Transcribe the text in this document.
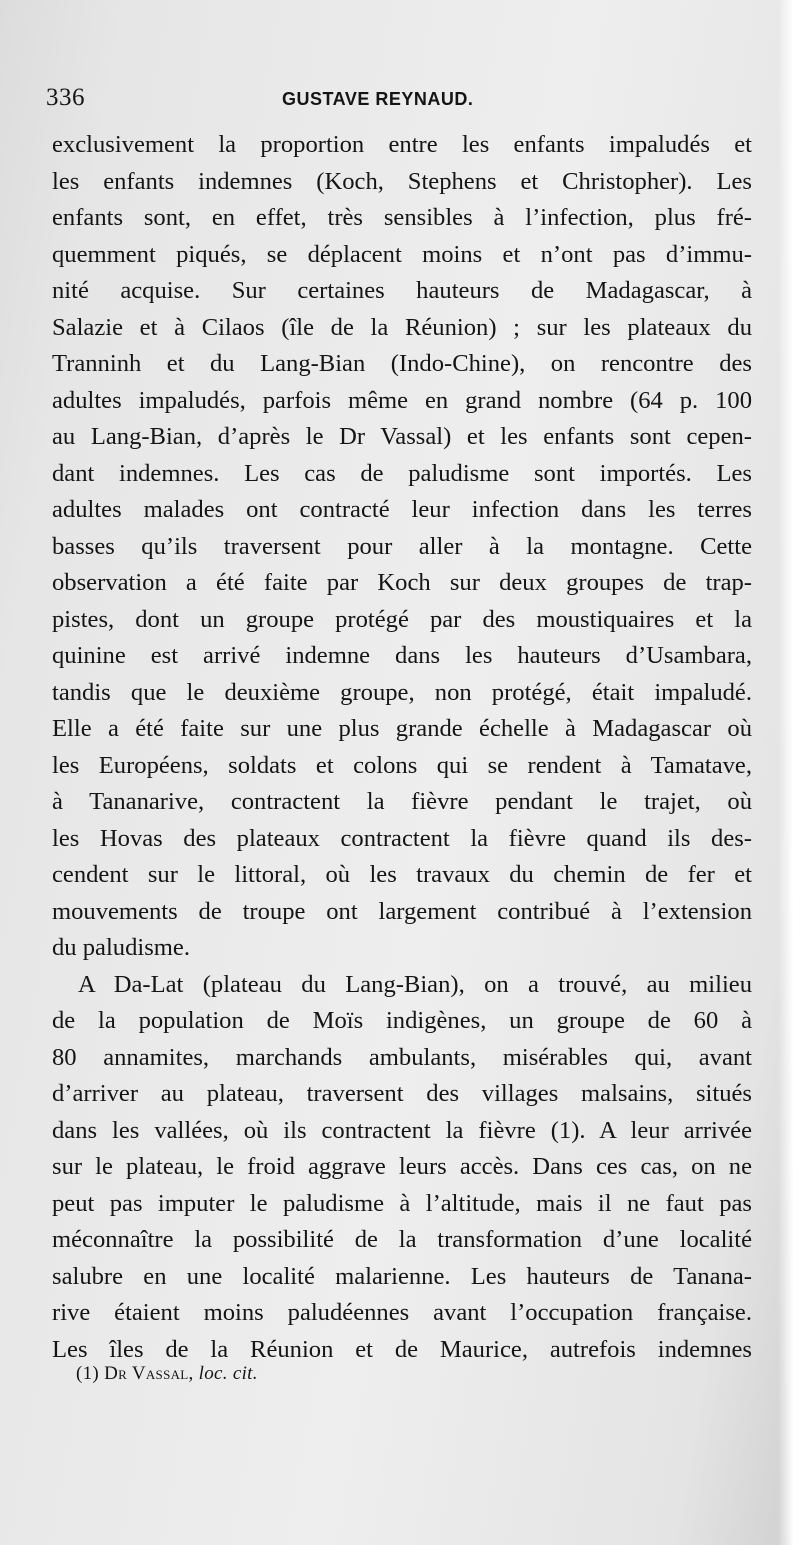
336	GUSTAVE REYNAUD.
exclusivement la proportion entre les enfants impaludés et
les enfants indemnes (Koch, Stephens et Christopher). Les
enfants sont, en effet, très sensibles à l’infection, plus fré-
quemment piqués, se déplacent moins et n’ont pas d’immu-
nité acquise. Sur certaines hauteurs de Madagascar, à
Salazie et à Cilaos (île de la Réunion) ; sur les plateaux du
Tranninh et du Lang-Bian (Indo-Chine), on rencontre des
adultes impaludés, parfois même en grand nombre (64 p. 100
au Lang-Bian, d’après le Dr Vassal) et les enfants sont cepen-
dant indemnes. Les cas de paludisme sont importés. Les
adultes malades ont contracté leur infection dans les terres
basses qu’ils traversent pour aller à la montagne. Cette
observation a été faite par Koch sur deux groupes de trap-
pistes, dont un groupe protégé par des moustiquaires et la
quinine est arrivé indemne dans les hauteurs d’Usambara,
tandis que le deuxième groupe, non protégé, était impaludé.
Elle a été faite sur une plus grande échelle à Madagascar où
les Européens, soldats et colons qui se rendent à Tamatave,
à Tananarive, contractent la fièvre pendant le trajet, où
les Hovas des plateaux contractent la fièvre quand ils des-
cendent sur le littoral, où les travaux du chemin de fer et
mouvements de troupe ont largement contribué à l’extension
du paludisme.
A Da-Lat (plateau du Lang-Bian), on a trouvé, au milieu
de la population de Moïs indigènes, un groupe de 60 à
80 annamites, marchands ambulants, misérables qui, avant
d’arriver au plateau, traversent des villages malsains, situés
dans les vallées, où ils contractent la fièvre (1). A leur arrivée
sur le plateau, le froid aggrave leurs accès. Dans ces cas, on ne
peut pas imputer le paludisme à l’altitude, mais il ne faut pas
méconnaître la possibilité de la transformation d’une localité
salubre en une localité malarienne. Les hauteurs de Tanana-
rive étaient moins paludéennes avant l’occupation française.
Les îles de la Réunion et de Maurice, autrefois indemnes
(1) Dr Vassal, loc. cit.
